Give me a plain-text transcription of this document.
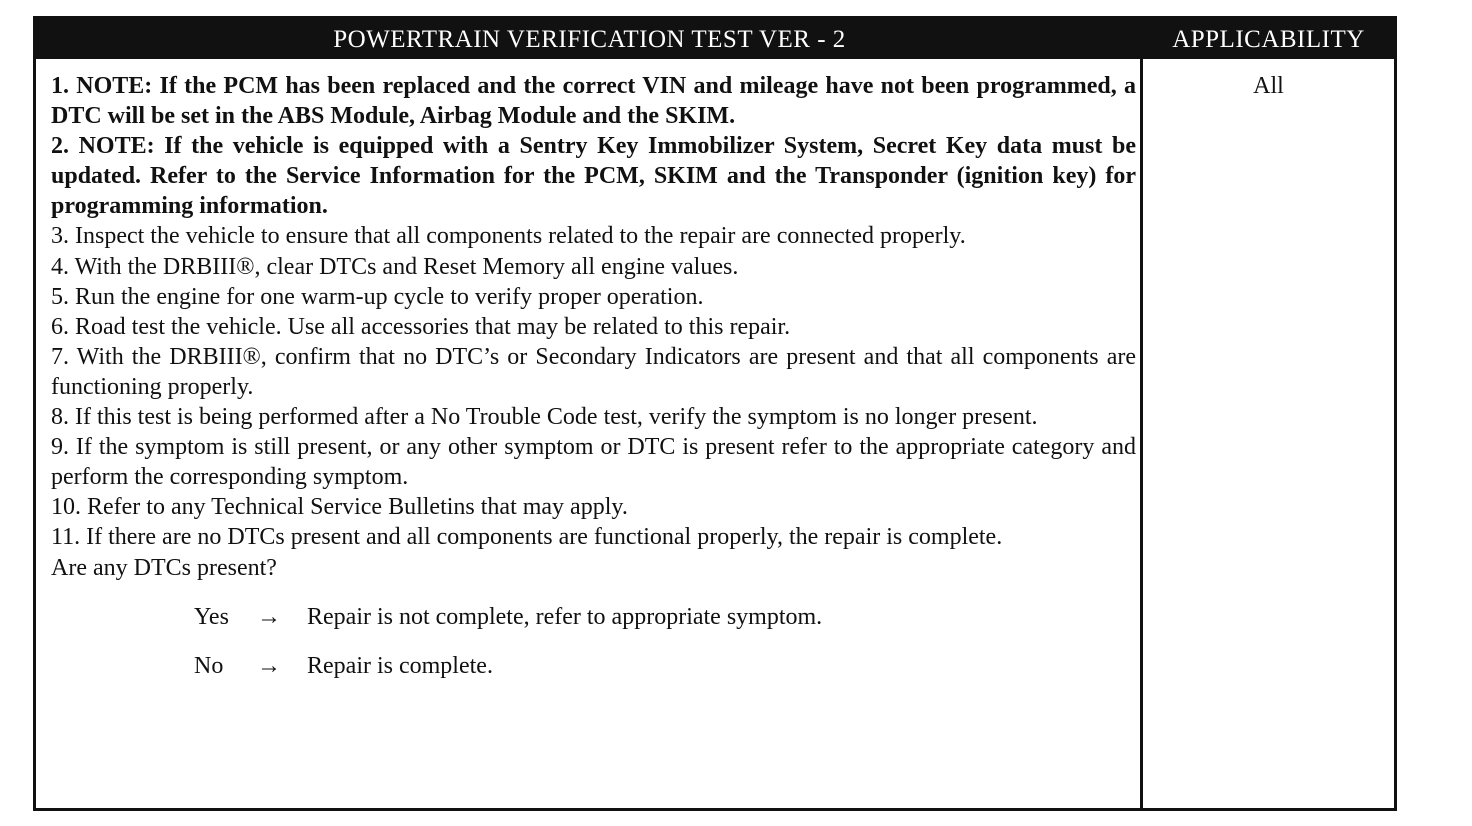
POWERTRAIN VERIFICATION TEST VER - 2	APPLICABILITY

1. NOTE: If the PCM has been replaced and the correct VIN and mileage have not been programmed, a DTC will be set in the ABS Module, Airbag Module and the SKIM.

2. NOTE: If the vehicle is equipped with a Sentry Key Immobilizer System, Secret Key data must be updated. Refer to the Service Information for the PCM, SKIM and the Transponder (ignition key) for programming information.

3. Inspect the vehicle to ensure that all components related to the repair are connected properly.

4. With the DRBIII®, clear DTCs and Reset Memory all engine values.

5. Run the engine for one warm-up cycle to verify proper operation.

6. Road test the vehicle. Use all accessories that may be related to this repair.

7. With the DRBIII®, confirm that no DTC’s or Secondary Indicators are present and that all components are functioning properly.

8. If this test is being performed after a No Trouble Code test, verify the symptom is no longer present.

9. If the symptom is still present, or any other symptom or DTC is present refer to the appropriate category and perform the corresponding symptom.

10. Refer to any Technical Service Bulletins that may apply.

11. If there are no DTCs present and all components are functional properly, the repair is complete.

Are any DTCs present?

Yes → Repair is not complete, refer to appropriate symptom.
No → Repair is complete.
All
